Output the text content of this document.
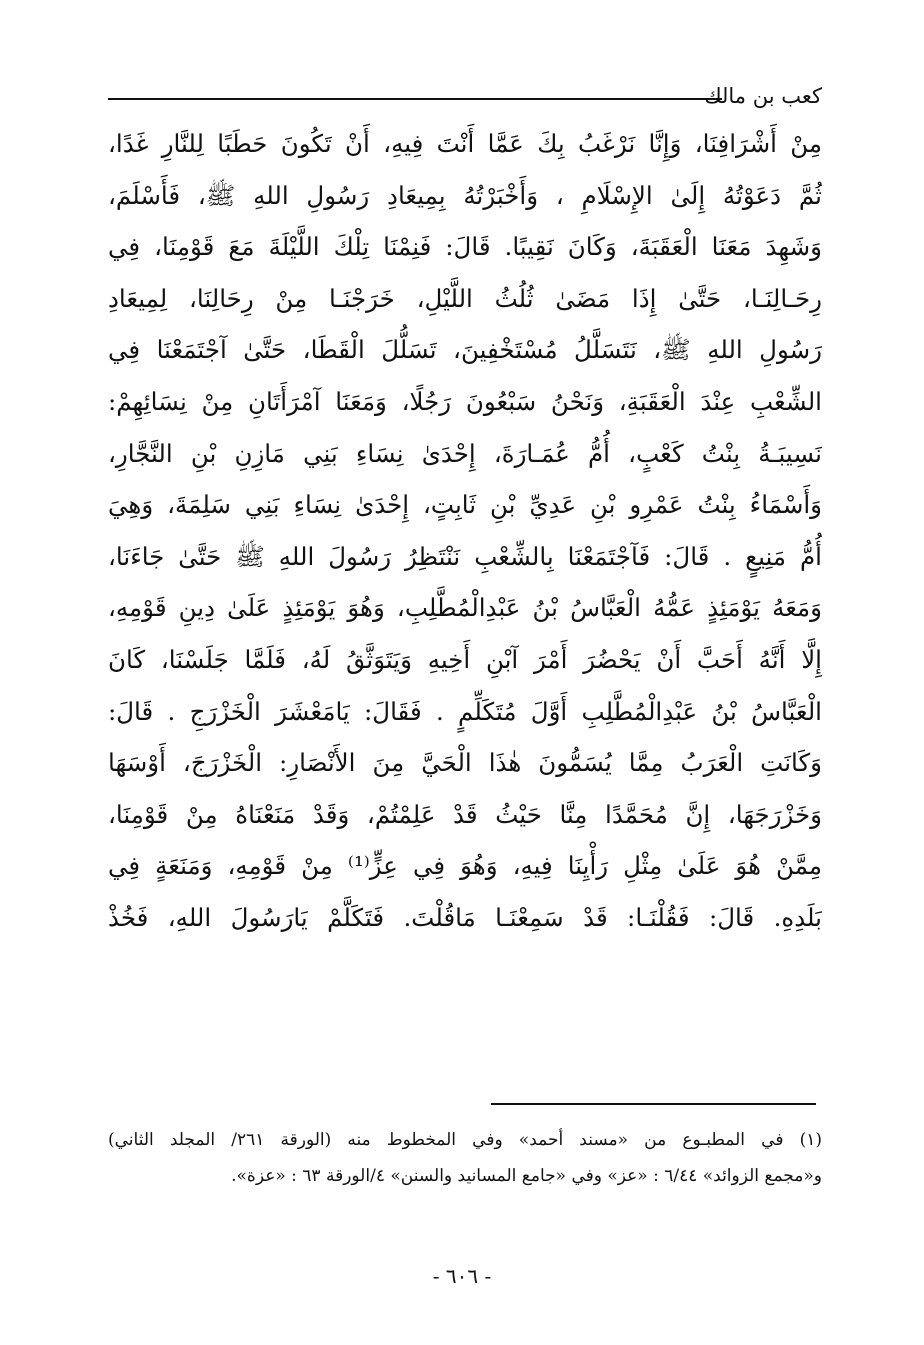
كعب بن مالك
مِنْ أَشْرَافِنَا، وَإِنَّا نَرْغَبُ بِكَ عَمَّا أَنْتَ فِيهِ، أَنْ تَكُونَ حَطَبًا لِلنَّارِ غَدًا،
ثُمَّ دَعَوْتُهُ إِلَىٰ الإِسْلَامِ ، وَأَخْبَرْتُهُ بِمِيعَادِ رَسُولِ اللهِ ﷺ، فَأَسْلَمَ،
وَشَهِدَ مَعَنَا الْعَقَبَةَ، وَكَانَ نَقِيبًا. قَالَ: فَنِمْنَا تِلْكَ اللَّيْلَةَ مَعَ قَوْمِنَا، فِي
رِحَـالِنَـا، حَتَّىٰ إِذَا مَضَىٰ ثُلُثُ اللَّيْلِ، خَرَجْنَـا مِنْ رِحَالِنَا، لِمِيعَادِ
رَسُولِ اللهِ ﷺ، نَتَسَلَّلُ مُسْتَخْفِينَ، تَسَلُّلَ الْقَطَا، حَتَّىٰ آجْتَمَعْنَا فِي
الشِّعْبِ عِنْدَ الْعَقَبَةِ، وَنَحْنُ سَبْعُونَ رَجُلًا، وَمَعَنَا آمْرَأَتَانِ مِنْ نِسَائِهِمْ:
نَسِيبَـةُ بِنْتُ كَعْبٍ، أُمُّ عُمَـارَةَ، إِحْدَىٰ نِسَاءِ بَنِي مَازِنِ بْنِ النَّجَّارِ،
وَأَسْمَاءُ بِنْتُ عَمْرِو بْنِ عَدِيِّ بْنِ ثَابِتٍ، إِحْدَىٰ نِسَاءِ بَنِي سَلِمَةَ، وَهِيَ
أُمُّ مَنِيعٍ . قَالَ: فَآجْتَمَعْنَا بِالشِّعْبِ نَنْتَظِرُ رَسُولَ اللهِ ﷺ حَتَّىٰ جَاءَنَا،
وَمَعَهُ يَوْمَئِذٍ عَمُّهُ الْعَبَّاسُ بْنُ عَبْدِالْمُطَّلِبِ، وَهُوَ يَوْمَئِذٍ عَلَىٰ دِينِ قَوْمِهِ،
إِلَّا أَنَّهُ أَحَبَّ أَنْ يَحْضُرَ أَمْرَ آبْنِ أَخِيهِ وَيَتَوَثَّقُ لَهُ، فَلَمَّا جَلَسْنَا، كَانَ
الْعَبَّاسُ بْنُ عَبْدِالْمُطَّلِبِ أَوَّلَ مُتَكَلِّمٍ . فَقَالَ: يَامَعْشَرَ الْخَزْرَجِ . قَالَ:
وَكَانَتِ الْعَرَبُ مِمَّا يُسَمُّونَ هٰذَا الْحَيَّ مِنَ الأَنْصَارِ: الْخَزْرَجَ، أَوْسَهَا
وَخَزْرَجَهَا، إِنَّ مُحَمَّدًا مِنَّا حَيْثُ قَدْ عَلِمْتُمْ، وَقَدْ مَنَعْنَاهُ مِنْ قَوْمِنَا،
مِمَّنْ هُوَ عَلَىٰ مِثْلِ رَأْيِنَا فِيهِ، وَهُوَ فِي عِزٍّ⁽¹⁾ مِنْ قَوْمِهِ، وَمَنَعَةٍ فِي
بَلَدِهِ. قَالَ: فَقُلْنَـا: قَدْ سَمِعْنَـا مَاقُلْتَ. فَتَكَلَّمْ يَارَسُولَ اللهِ، فَخُذْ
(١) في المطبـوع من «مسند أحمد» وفي المخطوط منه (الورقة ٢٦١/ المجلد الثاني)
و«مجمع الزوائد» ٦/٤٤ : «عز» وفي «جامع المسانيد والسنن» ٤/الورقة ٦٣ : «عزة».
- ٦٠٦ -
